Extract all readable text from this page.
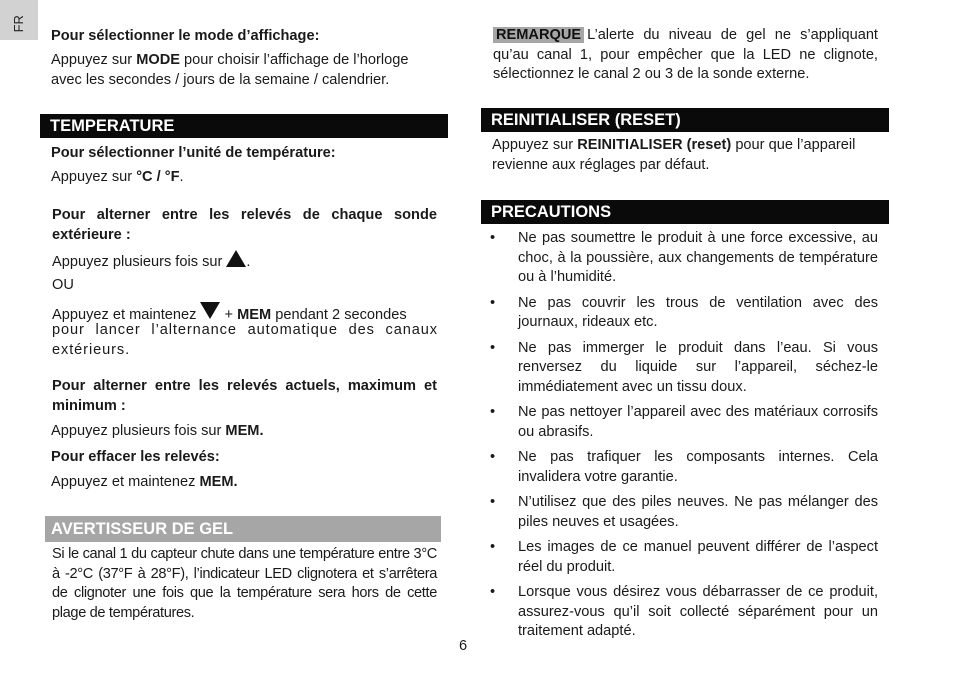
FR
Pour sélectionner le mode d’affichage:
Appuyez sur MODE pour choisir l’affichage de l’horloge avec les secondes / jours de la semaine / calendrier.
TEMPERATURE
Pour sélectionner l’unité de température:
Appuyez sur °C / °F.
Pour alterner entre les relevés de chaque sonde extérieure :
Appuyez plusieurs fois sur .
OU
Appuyez et maintenez  + MEM pendant 2 secondes
pour lancer l’alternance automatique des canaux extérieurs.
Pour alterner entre les relevés actuels, maximum et minimum :
Appuyez plusieurs fois sur MEM.
Pour effacer les relevés:
Appuyez et maintenez MEM.
AVERTISSEUR DE GEL
Si le canal 1 du capteur chute dans une température entre 3°C à -2°C (37°F à 28°F), l’indicateur LED clignotera et s’arrêtera de clignoter une fois que la température sera hors de cette plage de températures.
6
REMARQUE L’alerte du niveau de gel ne s’appliquant qu’au canal 1, pour empêcher que la LED ne clignote, sélectionnez le canal 2 ou 3 de la sonde externe.
REINITIALISER (RESET)
Appuyez sur REINITIALISER (reset) pour que l’appareil revienne aux réglages par défaut.
PRECAUTIONS
• Ne pas soumettre le produit à une force excessive, au choc, à la poussière, aux changements de température ou à l’humidité.
• Ne pas couvrir les trous de ventilation avec des journaux, rideaux etc.
• Ne pas immerger le produit dans l’eau. Si vous renversez du liquide sur l’appareil, séchez-le immédiatement avec un tissu doux.
• Ne pas nettoyer l’appareil avec des matériaux corrosifs ou abrasifs.
• Ne pas trafiquer les composants internes. Cela invalidera votre garantie.
• N’utilisez que des piles neuves. Ne pas mélanger des piles neuves et usagées.
• Les images de ce manuel peuvent différer de l’aspect réel du produit.
• Lorsque vous désirez vous débarrasser de ce produit, assurez-vous qu’il soit collecté séparément pour un traitement adapté.
